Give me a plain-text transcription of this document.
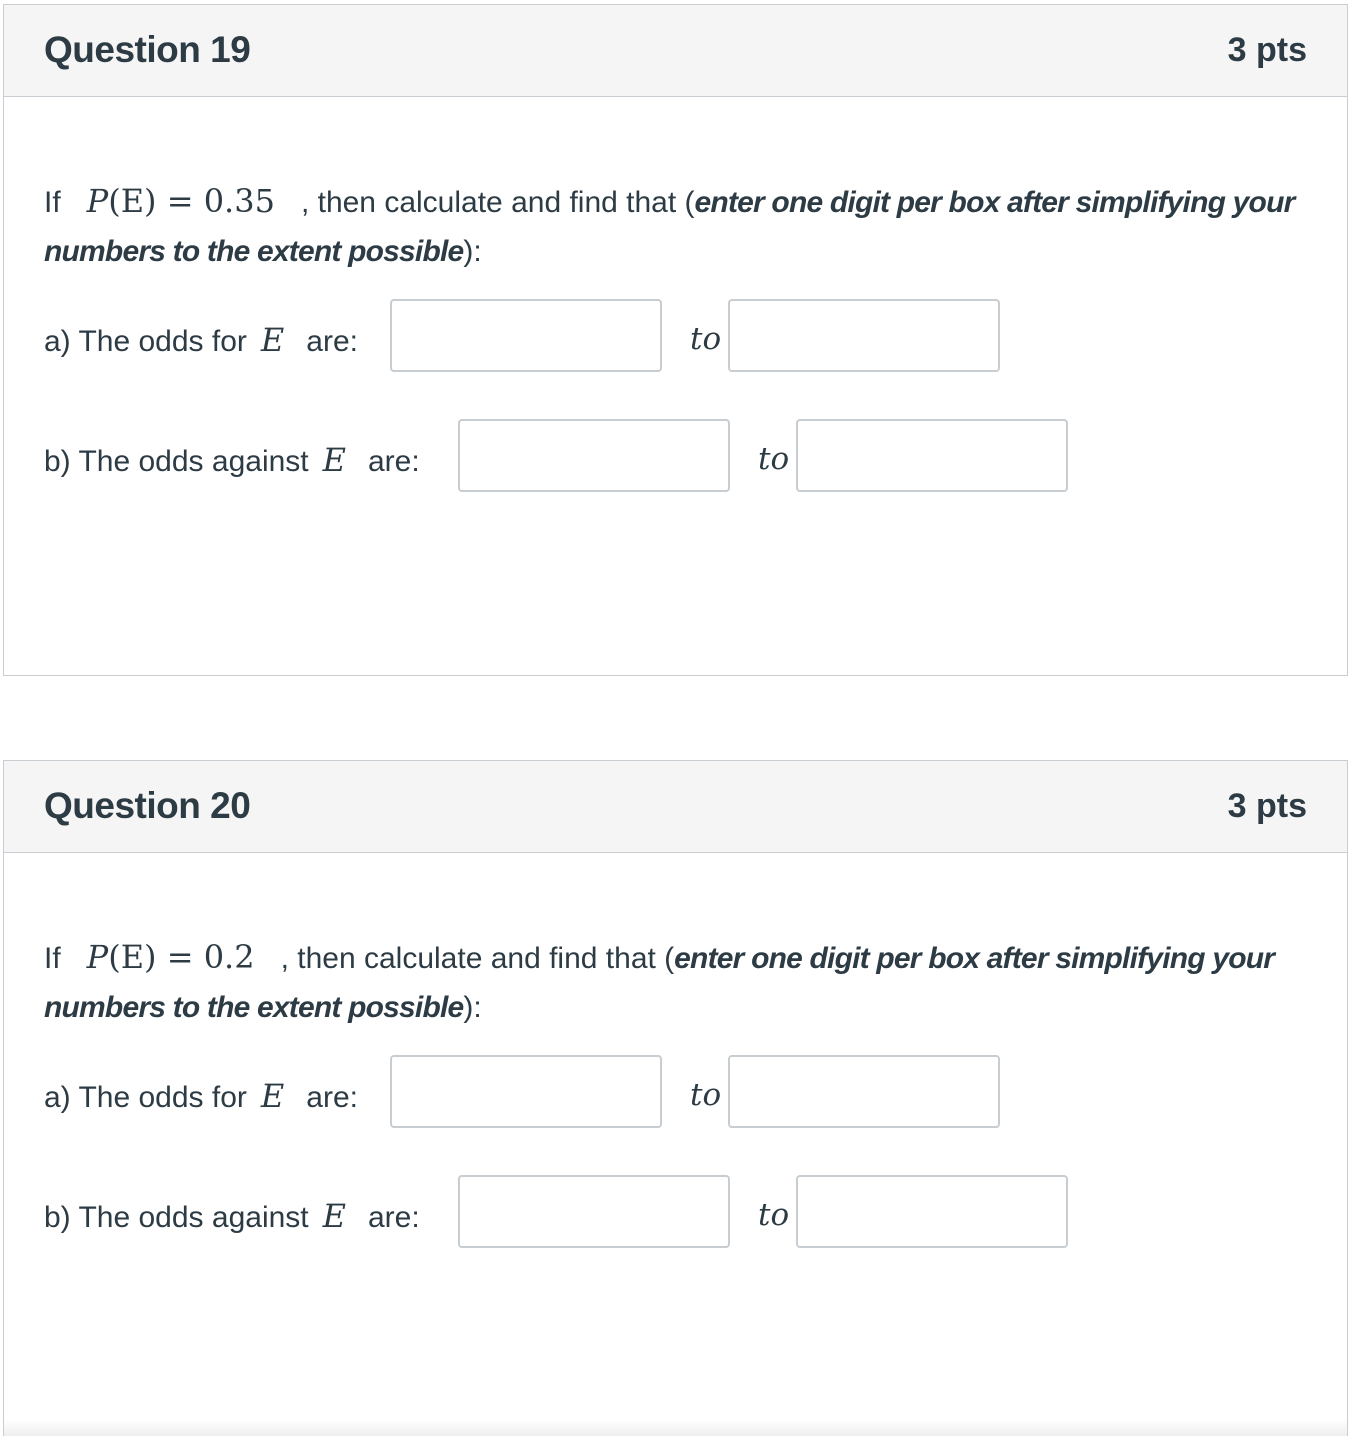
Question 19	3 pts
If P(E) = 0.35 , then calculate and find that (enter one digit per box after simplifying your numbers to the extent possible):
a) The odds for E are:	to
b) The odds against E are:	to
Question 20	3 pts
If P(E) = 0.2 , then calculate and find that (enter one digit per box after simplifying your numbers to the extent possible):
a) The odds for E are:	to
b) The odds against E are:	to
